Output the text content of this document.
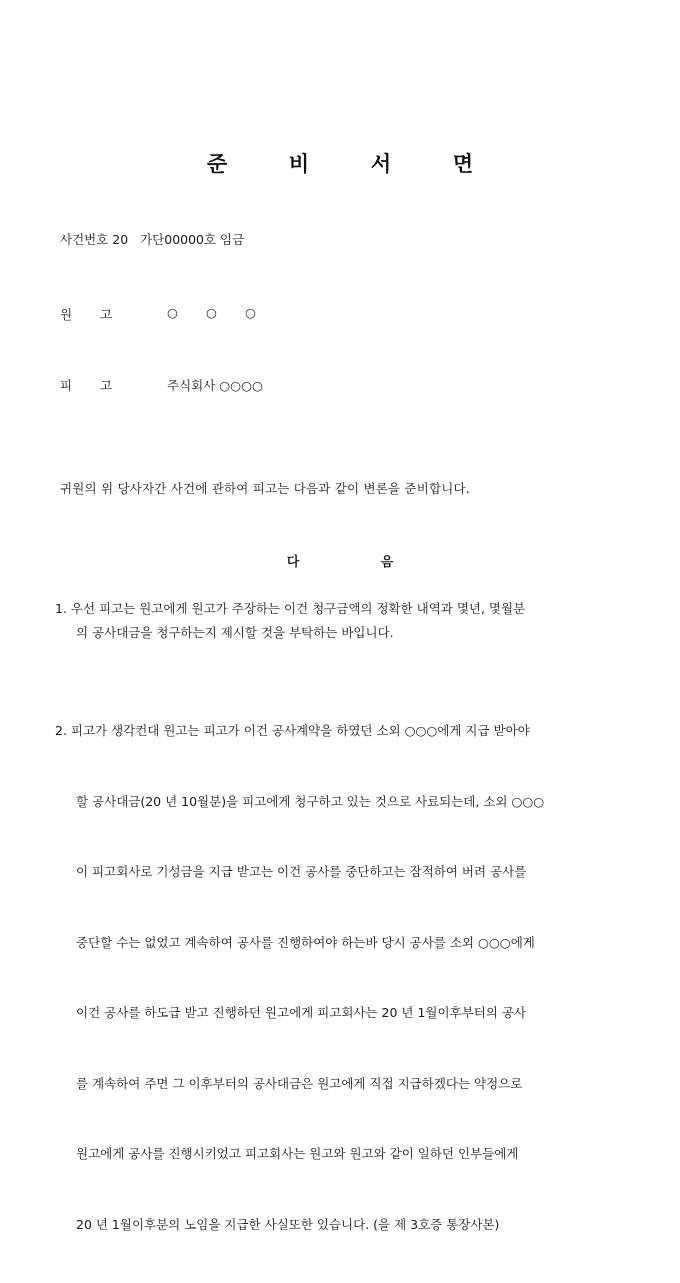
준	비	서	면
사건번호 20   가단00000호 임금
원 고	○ ○ ○
피 고	주식회사 ○○○○
귀원의 위 당사자간 사건에 관하여 피고는 다음과 같이 변론을 준비합니다.
다	음
1. 우선 피고는 원고에게 원고가 주장하는 이건 청구금액의 정확한 내역과 몇년, 몇월분
의 공사대금을 청구하는지 제시할 것을 부탁하는 바입니다.

2. 피고가 생각컨대 원고는 피고가 이건 공사계약을 하였던 소외 ○○○에게 지급 받아야

할 공사대금(20 년 10월분)을 피고에게 청구하고 있는 것으로 사료되는데, 소외 ○○○

이 피고회사로 기성금을 지급 받고는 이건 공사를 중단하고는 잠적하여 버려 공사를

중단할 수는 없었고 계속하여 공사를 진행하여야 하는바 당시 공사를 소외 ○○○에게

이건 공사를 하도급 받고 진행하던 원고에게 피고회사는 20 년 1월이후부터의 공사

를 계속하여 주면 그 이후부터의 공사대금은 원고에게 직접 지급하겠다는 약정으로

원고에게 공사를 진행시키었고 피고회사는 원고와 원고와 같이 일하던 인부들에게

20 년 1월이후분의 노임을 지급한 사실또한 있습니다. (을 제 3호증 통장사본)
